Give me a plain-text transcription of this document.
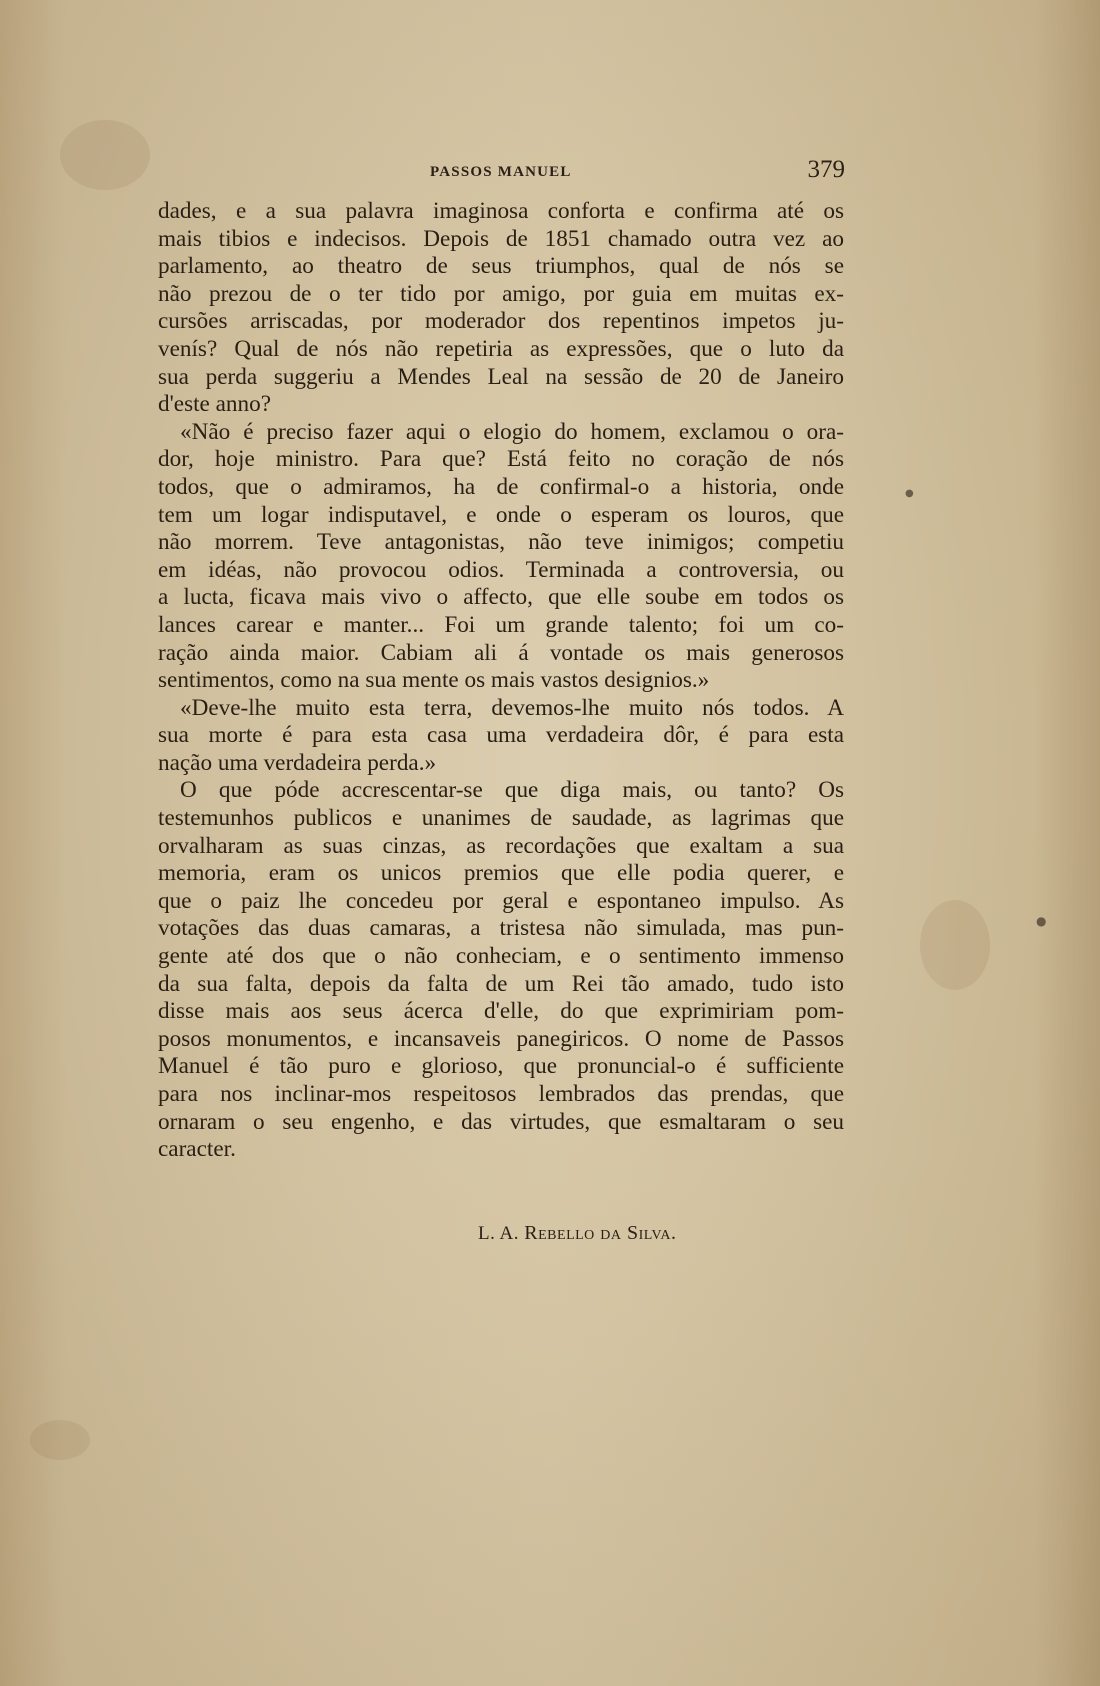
●
●
PASSOS MANUEL	379
dades, e a sua palavra imaginosa conforta e confirma até os
mais tibios e indecisos. Depois de 1851 chamado outra vez ao
parlamento, ao theatro de seus triumphos, qual de nós se
não prezou de o ter tido por amigo, por guia em muitas ex-
cursões arriscadas, por moderador dos repentinos impetos ju-
venís? Qual de nós não repetiria as expressões, que o luto da
sua perda suggeriu a Mendes Leal na sessão de 20 de Janeiro
d'este anno?
«Não é preciso fazer aqui o elogio do homem, exclamou o ora-
dor, hoje ministro. Para que? Está feito no coração de nós
todos, que o admiramos, ha de confirmal-o a historia, onde
tem um logar indisputavel, e onde o esperam os louros, que
não morrem. Teve antagonistas, não teve inimigos; competiu
em idéas, não provocou odios. Terminada a controversia, ou
a lucta, ficava mais vivo o affecto, que elle soube em todos os
lances carear e manter... Foi um grande talento; foi um co-
ração ainda maior. Cabiam ali á vontade os mais generosos
sentimentos, como na sua mente os mais vastos designios.»
«Deve-lhe muito esta terra, devemos-lhe muito nós todos. A
sua morte é para esta casa uma verdadeira dôr, é para esta
nação uma verdadeira perda.»
O que póde accrescentar-se que diga mais, ou tanto? Os
testemunhos publicos e unanimes de saudade, as lagrimas que
orvalharam as suas cinzas, as recordações que exaltam a sua
memoria, eram os unicos premios que elle podia querer, e
que o paiz lhe concedeu por geral e espontaneo impulso. As
votações das duas camaras, a tristesa não simulada, mas pun-
gente até dos que o não conheciam, e o sentimento immenso
da sua falta, depois da falta de um Rei tão amado, tudo isto
disse mais aos seus ácerca d'elle, do que exprimiriam pom-
posos monumentos, e incansaveis panegiricos. O nome de Passos
Manuel é tão puro e glorioso, que pronuncial-o é sufficiente
para nos inclinar-mos respeitosos lembrados das prendas, que
ornaram o seu engenho, e das virtudes, que esmaltaram o seu
caracter.
L. A. Rebello da Silva.
